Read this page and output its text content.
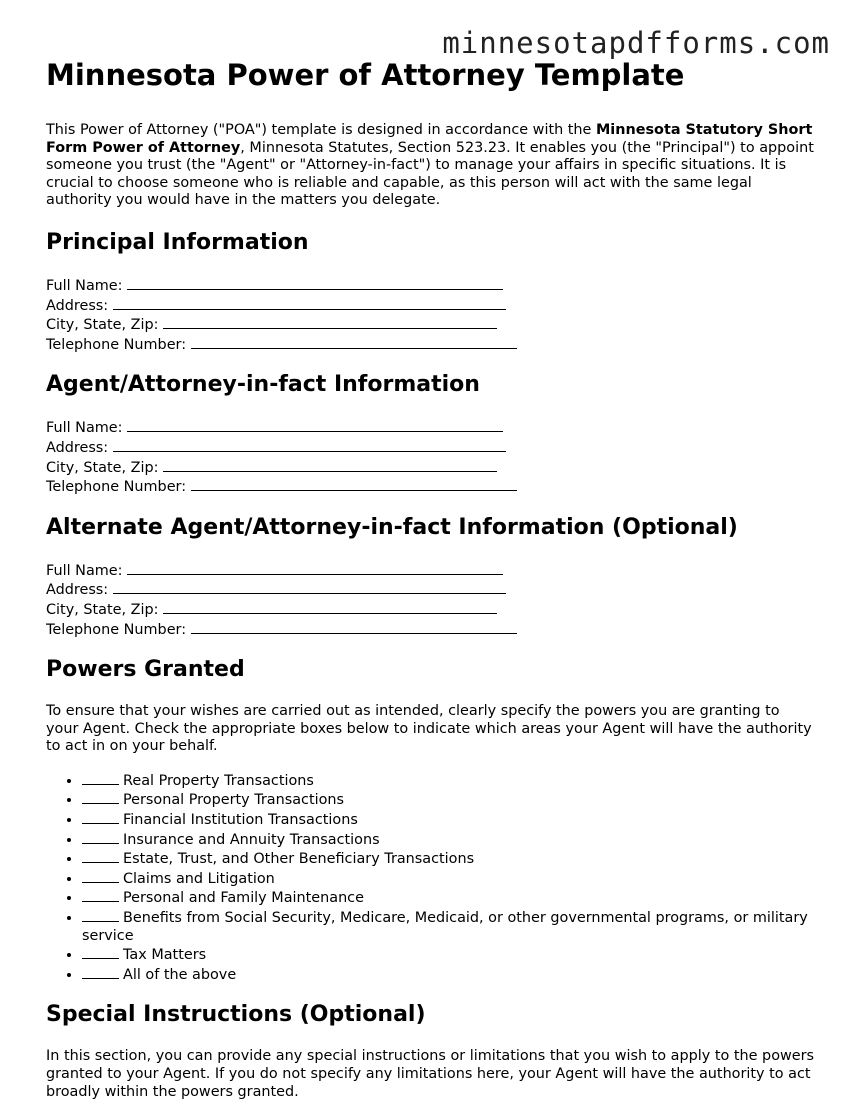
minnesotapdfforms.com
Minnesota Power of Attorney Template

This Power of Attorney ("POA") template is designed in accordance with the Minnesota Statutory Short Form Power of Attorney, Minnesota Statutes, Section 523.23. It enables you (the "Principal") to appoint someone you trust (the "Agent" or "Attorney-in-fact") to manage your affairs in specific situations. It is crucial to choose someone who is reliable and capable, as this person will act with the same legal authority you would have in the matters you delegate.

Principal Information
Full Name:
Address:
City, State, Zip:
Telephone Number:
Agent/Attorney-in-fact Information
Full Name:
Address:
City, State, Zip:
Telephone Number:
Alternate Agent/Attorney-in-fact Information (Optional)
Full Name:
Address:
City, State, Zip:
Telephone Number:
Powers Granted

To ensure that your wishes are carried out as intended, clearly specify the powers you are granting to your Agent. Check the appropriate boxes below to indicate which areas your Agent will have the authority to act in on your behalf.

• Real Property Transactions
• Personal Property Transactions
• Financial Institution Transactions
• Insurance and Annuity Transactions
• Estate, Trust, and Other Beneficiary Transactions
• Claims and Litigation
• Personal and Family Maintenance
• Benefits from Social Security, Medicare, Medicaid, or other governmental programs, or military service
• Tax Matters
• All of the above
Special Instructions (Optional)

In this section, you can provide any special instructions or limitations that you wish to apply to the powers granted to your Agent. If you do not specify any limitations here, your Agent will have the authority to act broadly within the powers granted.
